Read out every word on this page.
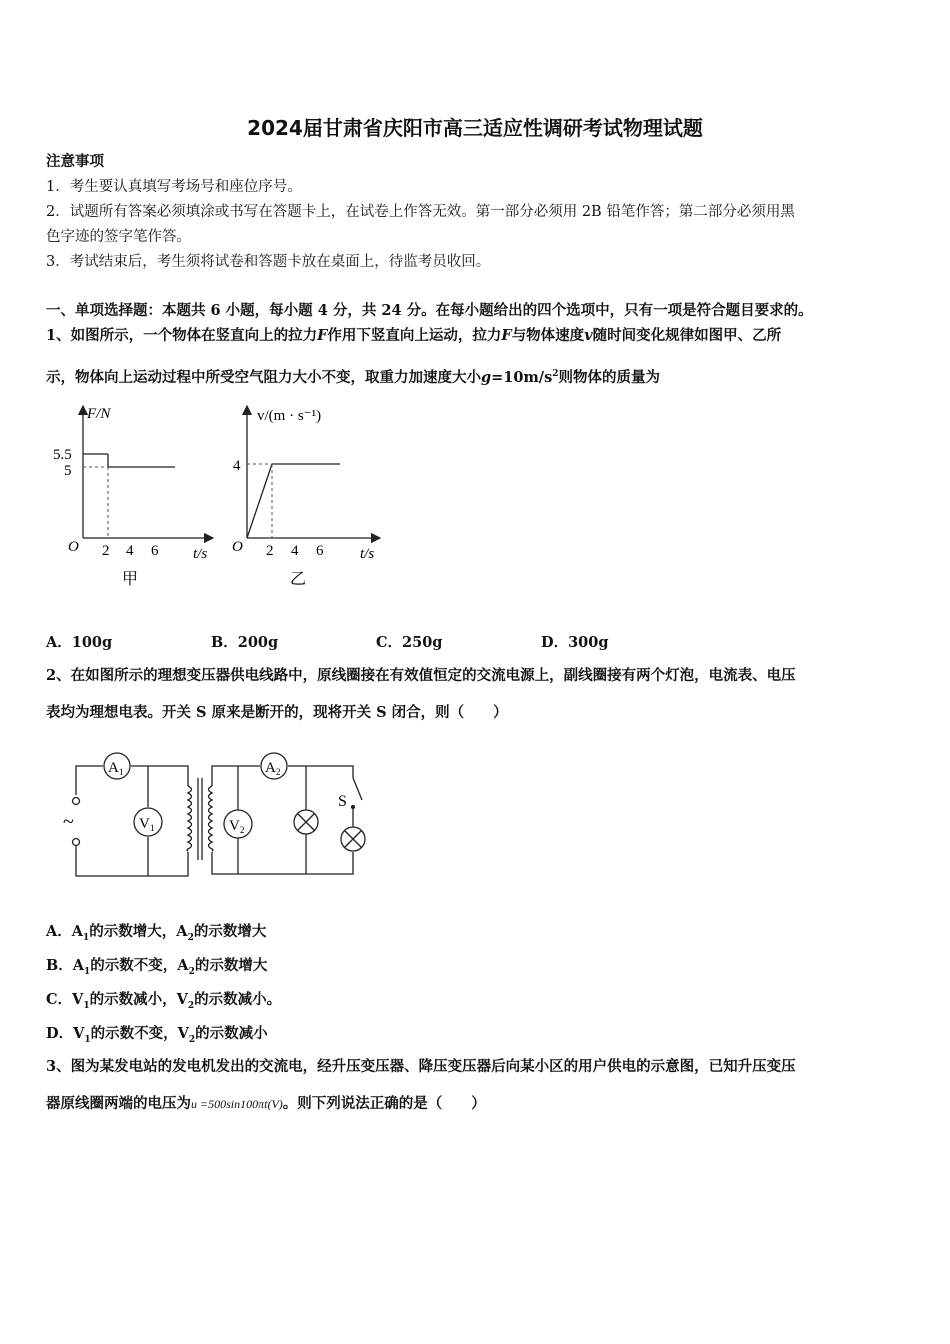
2024届甘肃省庆阳市高三适应性调研考试物理试题
注意事项
1．考生要认真填写考场号和座位序号。
2．试题所有答案必须填涂或书写在答题卡上，在试卷上作答无效。第一部分必须用 2B 铅笔作答；第二部分必须用黑
色字迹的签字笔作答。
3．考试结束后，考生须将试卷和答题卡放在桌面上，待监考员收回。
一、单项选择题：本题共 6 小题，每小题 4 分，共 24 分。在每小题给出的四个选项中，只有一项是符合题目要求的。
1、如图所示，一个物体在竖直向上的拉力F作用下竖直向上运动，拉力F与物体速度v随时间变化规律如图甲、乙所
示，物体向上运动过程中所受空气阻力大小不变，取重力加速度大小$g=10m/s^2$则物体的质量为
F/N
5.5
5
O 2 4 6 t/s
甲
v/(m · s⁻¹)
4
O 2 4 6 t/s
乙
A．100g	B．200g	C．250g	D．300g
2、在如图所示的理想变压器供电线路中，原线圈接在有效值恒定的交流电源上，副线圈接有两个灯泡，电流表、电压
表均为理想电表。开关 S 原来是断开的，现将开关 S 闭合，则（　　）
~
A 1	A 2
V 1	V 2
S
A．$A_1$的示数增大，$A_2$的示数增大
B．$A_1$的示数不变，$A_2$的示数增大
C．$V_1$的示数减小，$V_2$的示数减小。
D．$V_1$的示数不变，$V_2$的示数减小
3、图为某发电站的发电机发出的交流电，经升压变压器、降压变压器后向某小区的用户供电的示意图，已知升压变压
器原线圈两端的电压为u =500sin100πt(V)。则下列说法正确的是（　　）
